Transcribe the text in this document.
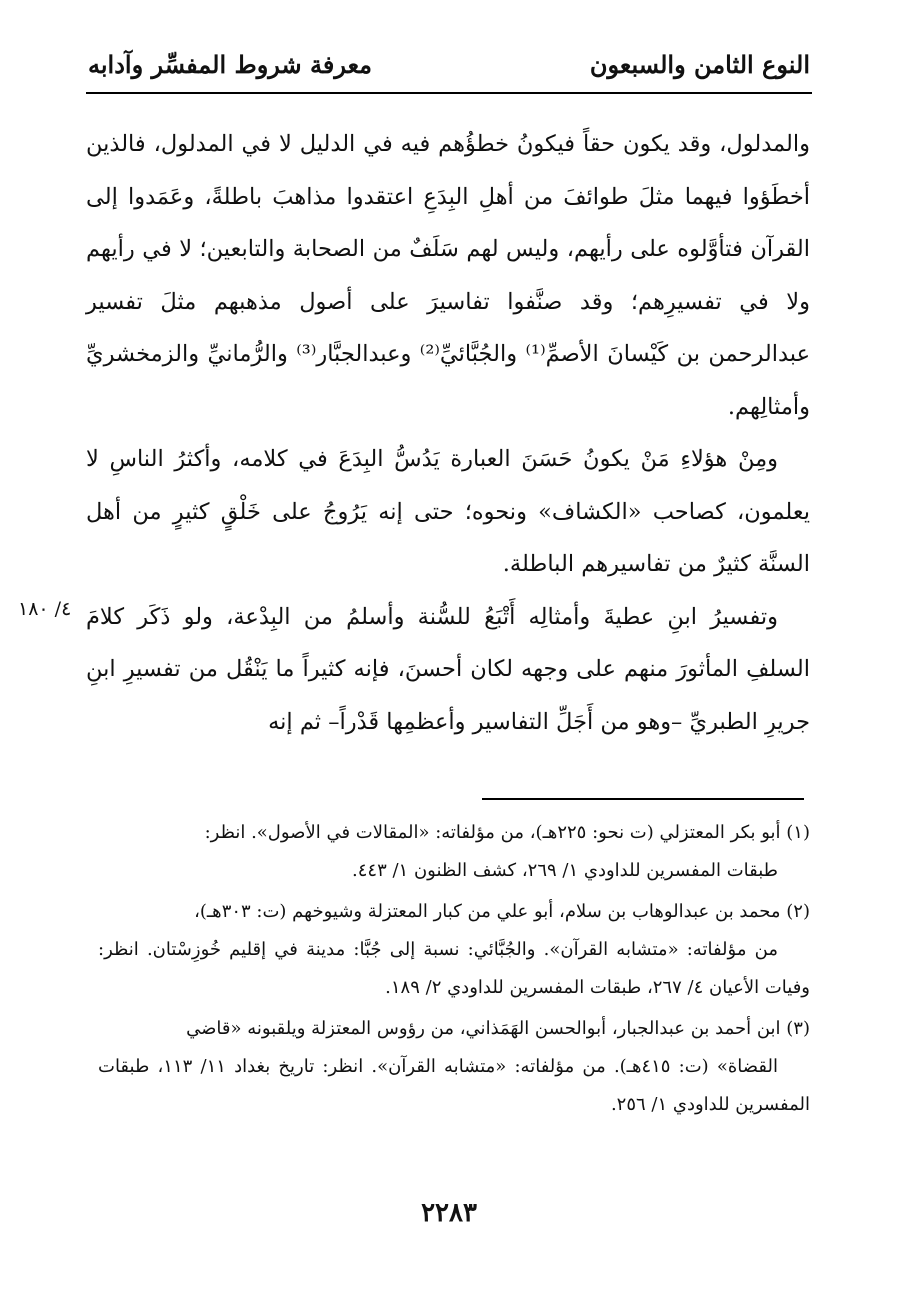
النوع الثامن والسبعون
معرفة شروط المفسِّر وآدابه

والمدلول، وقد يكون حقاً فيكونُ خطؤُهم فيه في الدليل لا في المدلول، فالذين أخطَؤوا فيهما مثلَ طوائفَ من أهلِ البِدَعِ اعتقدوا مذاهبَ باطلةً، وعَمَدوا إلى القرآن فتأوَّلوه على رأيهم، وليس لهم سَلَفٌ من الصحابة والتابعين؛ لا في رأيهم ولا في تفسيرِهم؛ وقد صنَّفوا تفاسيرَ على أصول مذهبهم مثلَ تفسير عبدالرحمن بن كَيْسانَ الأصمِّ⁽¹⁾ والجُبَّائيِّ⁽²⁾ وعبدالجبَّار⁽³⁾ والرُّمانيِّ والزمخشريِّ وأمثالِهم.

ومِنْ هؤلاءِ مَنْ يكونُ حَسَنَ العبارة يَدُسُّ البِدَعَ في كلامه، وأكثرُ الناسِ لا يعلمون، كصاحب «الكشاف» ونحوه؛ حتى إنه يَرُوجُ على خَلْقٍ كثيرٍ من أهل السنَّة كثيرٌ من تفاسيرهم الباطلة.

وتفسيرُ ابنِ عطيةَ وأمثالِه أَتْبَعُ للسُّنة وأسلمُ من البِدْعة، ولو ذَكَر كلامَ السلفِ المأثورَ منهم على وجهه لكان أحسنَ، فإنه كثيراً ما يَنْقُل من تفسيرِ ابنِ جريرِ الطبريِّ –وهو من أَجَلِّ التفاسير وأعظمِها قَدْراً– ثم إنه

٤/ ١٨٠

(١) أبو بكر المعتزلي (ت نحو: ٢٢٥هـ)، من مؤلفاته: «المقالات في الأصول». انظر:
طبقات المفسرين للداودي ١/ ٢٦٩، كشف الظنون ١/ ٤٤٣.

(٢) محمد بن عبدالوهاب بن سلام، أبو علي من كبار المعتزلة وشيوخهم (ت: ٣٠٣هـ)،
من مؤلفاته: «متشابه القرآن». والجُبَّائي: نسبة إلى جُبَّا: مدينة في إقليم خُوزِسْتان. انظر: وفيات الأعيان ٤/ ٢٦٧، طبقات المفسرين للداودي ٢/ ١٨٩.

(٣) ابن أحمد بن عبدالجبار، أبوالحسن الهَمَذاني، من رؤوس المعتزلة ويلقبونه «قاضي
القضاة» (ت: ٤١٥هـ). من مؤلفاته: «متشابه القرآن». انظر: تاريخ بغداد ١١/ ١١٣، طبقات المفسرين للداودي ١/ ٢٥٦.

٢٢٨٣
